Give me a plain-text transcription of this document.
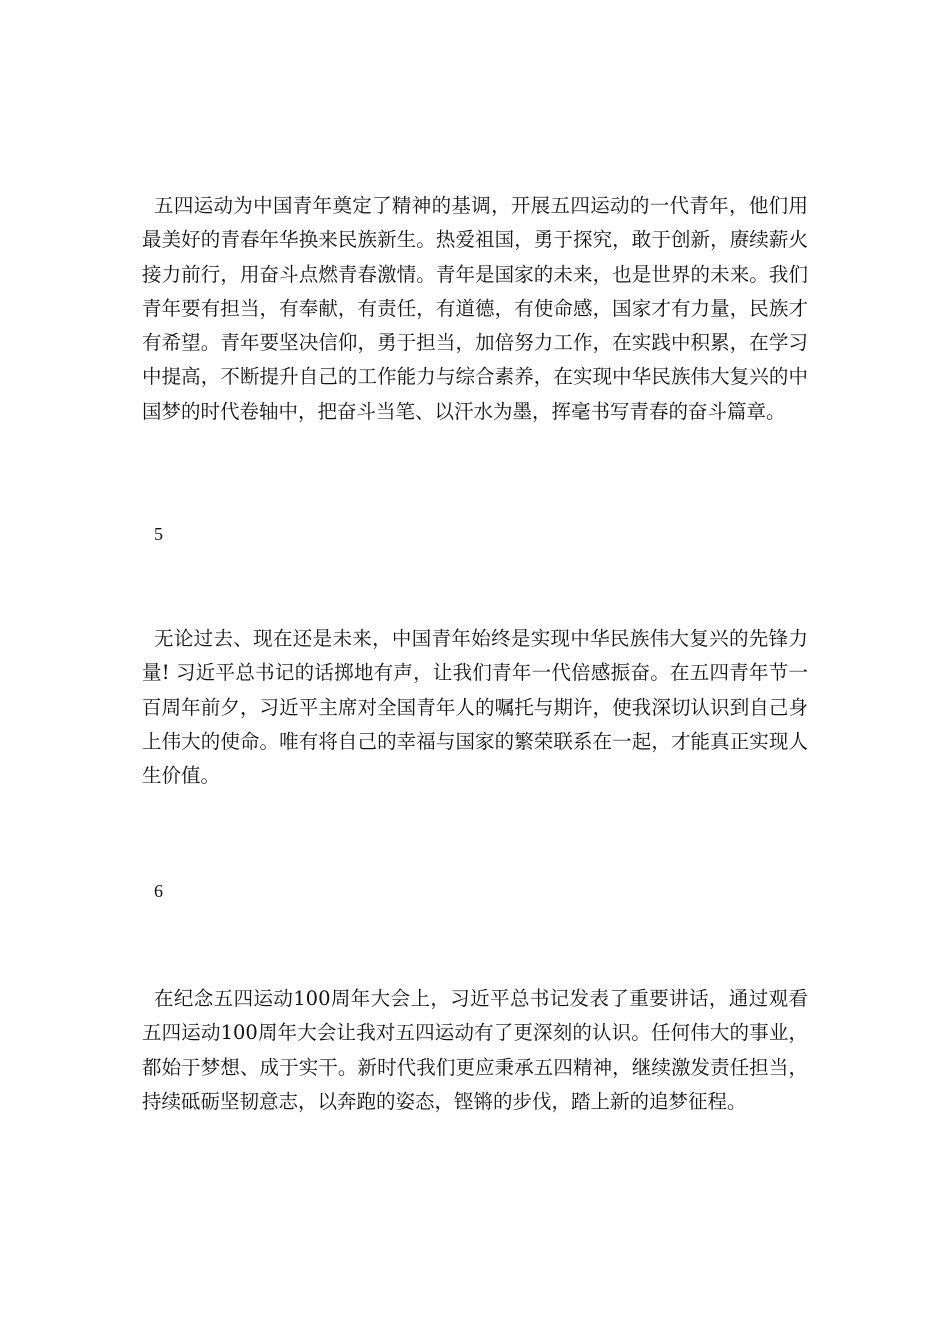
五四运动为中国青年奠定了精神的基调，开展五四运动的一代青年，他们用最美好的青春年华换来民族新生。热爱祖国，勇于探究，敢于创新，赓续薪火接力前行，用奋斗点燃青春激情。青年是国家的未来，也是世界的未来。我们青年要有担当，有奉献，有责任，有道德，有使命感，国家才有力量，民族才有希望。青年要坚决信仰，勇于担当，加倍努力工作，在实践中积累，在学习中提高，不断提升自己的工作能力与综合素养，在实现中华民族伟大复兴的中国梦的时代卷轴中，把奋斗当笔、以汗水为墨，挥毫书写青春的奋斗篇章。

5

无论过去、现在还是未来，中国青年始终是实现中华民族伟大复兴的先锋力量! 习近平总书记的话掷地有声，让我们青年一代倍感振奋。在五四青年节一百周年前夕，习近平主席对全国青年人的嘱托与期许，使我深切认识到自己身上伟大的使命。唯有将自己的幸福与国家的繁荣联系在一起，才能真正实现人生价值。

6

在纪念五四运动100周年大会上，习近平总书记发表了重要讲话，通过观看五四运动100周年大会让我对五四运动有了更深刻的认识。任何伟大的事业，都始于梦想、成于实干。新时代我们更应秉承五四精神，继续激发责任担当，持续砥砺坚韧意志，以奔跑的姿态，铿锵的步伐，踏上新的追梦征程。
